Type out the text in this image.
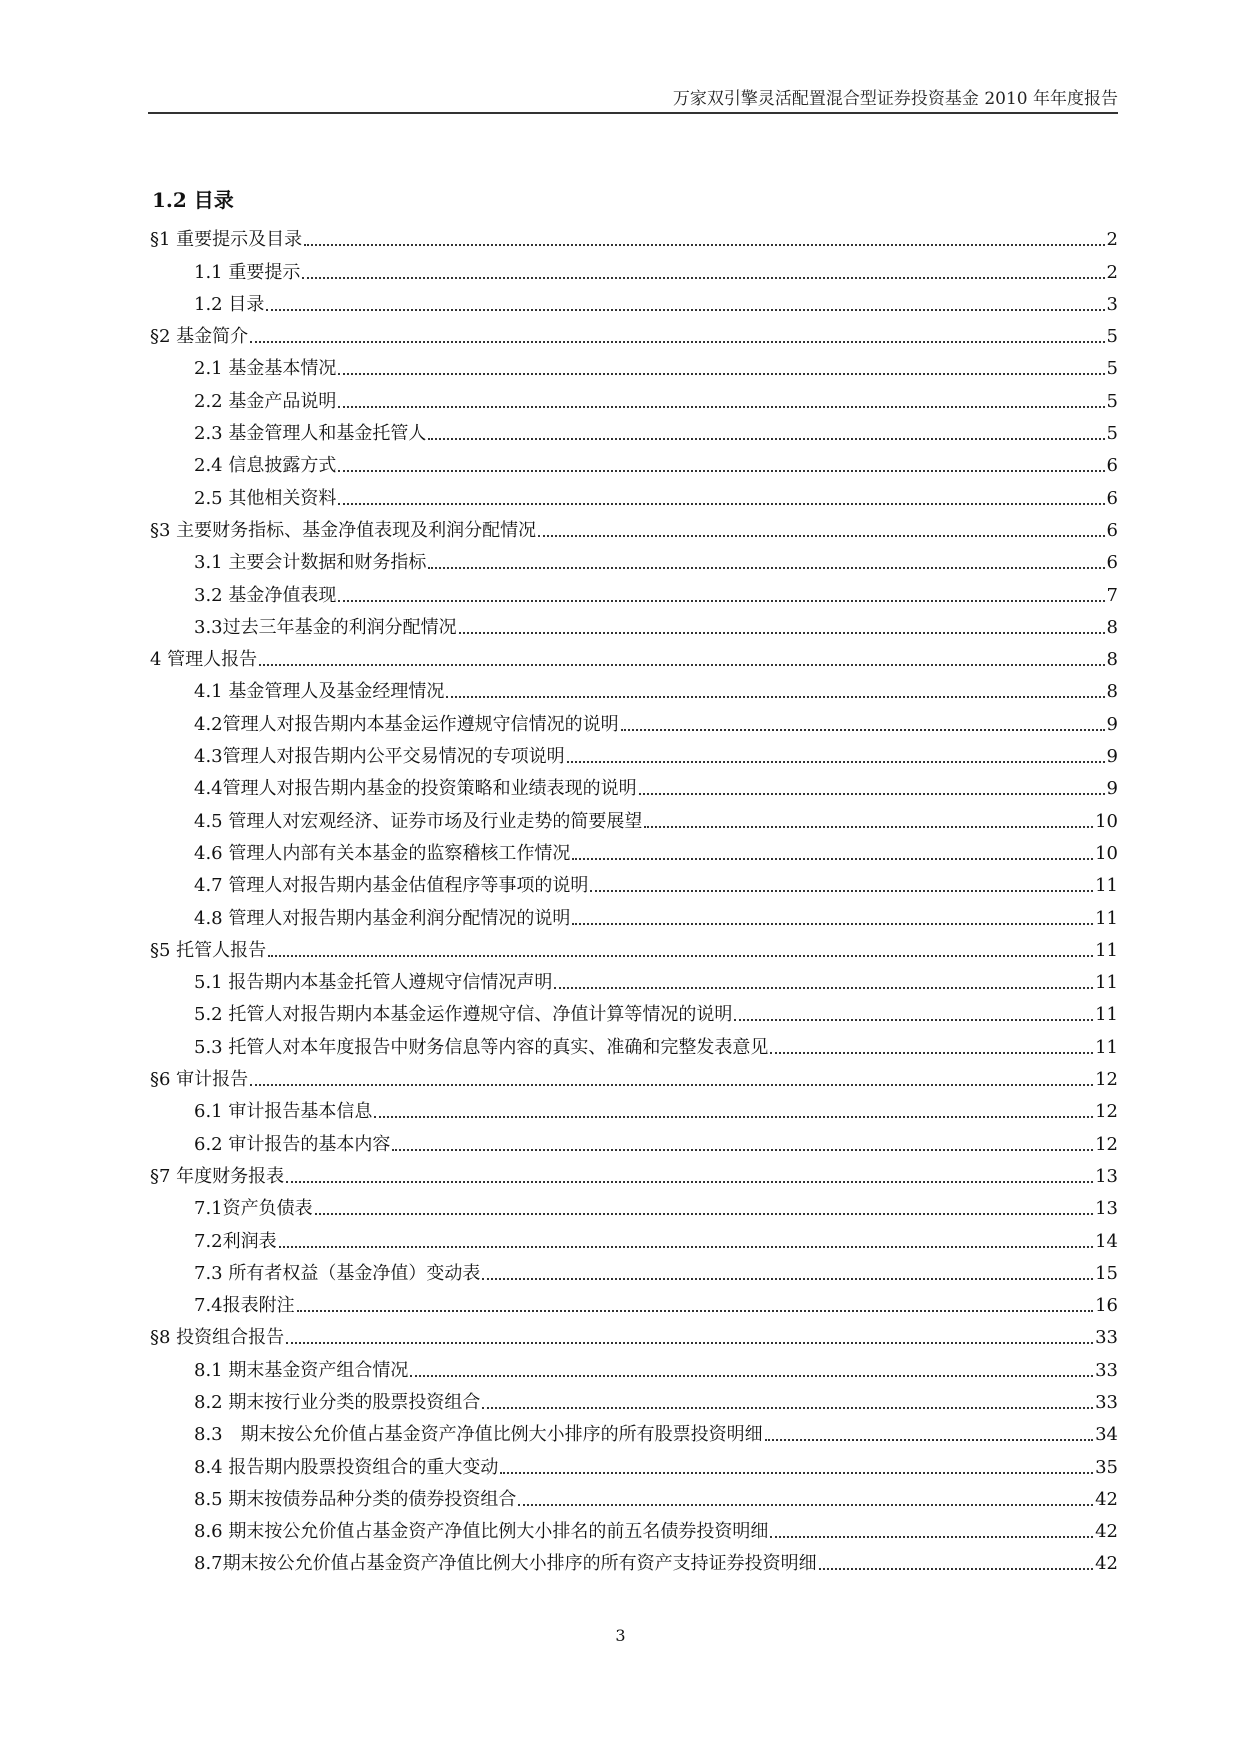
万家双引擎灵活配置混合型证券投资基金 2010 年年度报告
1.2 目录
§1 重要提示及目录	2
1.1 重要提示	2
1.2 目录	3
§2 基金简介	5
2.1 基金基本情况	5
2.2 基金产品说明	5
2.3 基金管理人和基金托管人	5
2.4 信息披露方式	6
2.5 其他相关资料	6
§3 主要财务指标、基金净值表现及利润分配情况	6
3.1 主要会计数据和财务指标	6
3.2 基金净值表现	7
3.3过去三年基金的利润分配情况	8
4 管理人报告	8
4.1 基金管理人及基金经理情况	8
4.2管理人对报告期内本基金运作遵规守信情况的说明	9
4.3管理人对报告期内公平交易情况的专项说明	9
4.4管理人对报告期内基金的投资策略和业绩表现的说明	9
4.5 管理人对宏观经济、证券市场及行业走势的简要展望	10
4.6 管理人内部有关本基金的监察稽核工作情况	10
4.7 管理人对报告期内基金估值程序等事项的说明	11
4.8 管理人对报告期内基金利润分配情况的说明	11
§5 托管人报告	11
5.1 报告期内本基金托管人遵规守信情况声明	11
5.2 托管人对报告期内本基金运作遵规守信、净值计算等情况的说明	11
5.3 托管人对本年度报告中财务信息等内容的真实、准确和完整发表意见	11
§6 审计报告	12
6.1 审计报告基本信息	12
6.2 审计报告的基本内容	12
§7 年度财务报表	13
7.1资产负债表	13
7.2利润表	14
7.3 所有者权益（基金净值）变动表	15
7.4报表附注	16
§8 投资组合报告	33
8.1 期末基金资产组合情况	33
8.2 期末按行业分类的股票投资组合	33
8.3　期末按公允价值占基金资产净值比例大小排序的所有股票投资明细	34
8.4 报告期内股票投资组合的重大变动	35
8.5 期末按债券品种分类的债券投资组合	42
8.6 期末按公允价值占基金资产净值比例大小排名的前五名债券投资明细	42
8.7期末按公允价值占基金资产净值比例大小排序的所有资产支持证券投资明细	42
3
